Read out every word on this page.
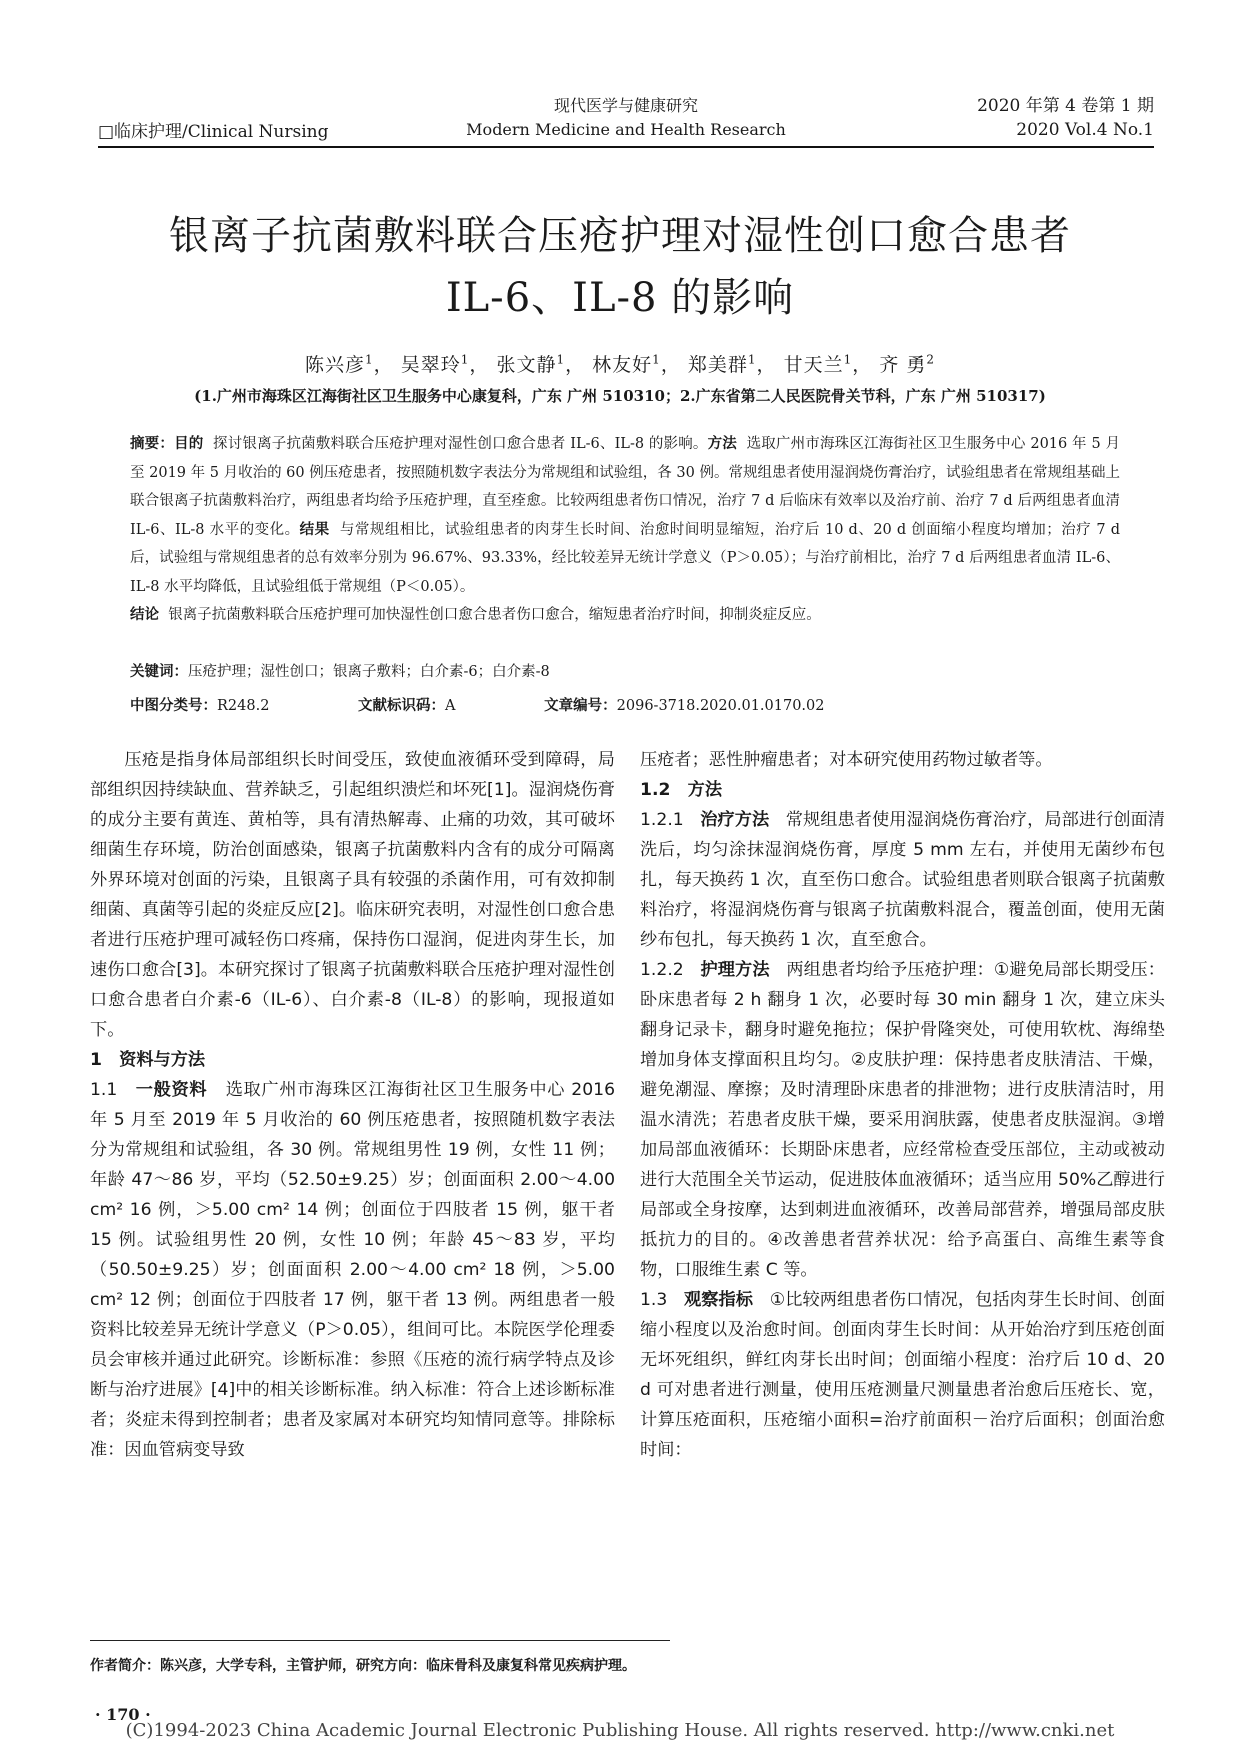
□临床护理/Clinical Nursing
现代医学与健康研究
Modern Medicine and Health Research
2020 年第 4 卷第 1 期
2020 Vol.4 No.1
银离子抗菌敷料联合压疮护理对湿性创口愈合患者
IL-6、IL-8 的影响
陈兴彦$^1$， 吴翠玲$^1$， 张文静$^1$， 林友好$^1$， 郑美群$^1$， 甘天兰$^1$， 齐 勇$^2$
(1.广州市海珠区江海街社区卫生服务中心康复科，广东 广州 510310；2.广东省第二人民医院骨关节科，广东 广州 510317)
摘要：目的 探讨银离子抗菌敷料联合压疮护理对湿性创口愈合患者 IL-6、IL-8 的影响。方法 选取广州市海珠区江海街社区卫生服务中心 2016 年 5 月至 2019 年 5 月收治的 60 例压疮患者，按照随机数字表法分为常规组和试验组，各 30 例。常规组患者使用湿润烧伤膏治疗，试验组患者在常规组基础上联合银离子抗菌敷料治疗，两组患者均给予压疮护理，直至痊愈。比较两组患者伤口情况，治疗 7 d 后临床有效率以及治疗前、治疗 7 d 后两组患者血清 IL-6、IL-8 水平的变化。结果 与常规组相比，试验组患者的肉芽生长时间、治愈时间明显缩短，治疗后 10 d、20 d 创面缩小程度均增加；治疗 7 d 后，试验组与常规组患者的总有效率分别为 96.67%、93.33%，经比较差异无统计学意义（P＞0.05）；与治疗前相比，治疗 7 d 后两组患者血清 IL-6、IL-8 水平均降低，且试验组低于常规组（P＜0.05）。
结论 银离子抗菌敷料联合压疮护理可加快湿性创口愈合患者伤口愈合，缩短患者治疗时间，抑制炎症反应。
关键词：压疮护理；湿性创口；银离子敷料；白介素-6；白介素-8
中图分类号：R248.2	文献标识码：A	文章编号：2096-3718.2020.01.0170.02

压疮是指身体局部组织长时间受压，致使血液循环受到障碍，局部组织因持续缺血、营养缺乏，引起组织溃烂和坏死[1]。湿润烧伤膏的成分主要有黄连、黄柏等，具有清热解毒、止痛的功效，其可破坏细菌生存环境，防治创面感染，银离子抗菌敷料内含有的成分可隔离外界环境对创面的污染，且银离子具有较强的杀菌作用，可有效抑制细菌、真菌等引起的炎症反应[2]。临床研究表明，对湿性创口愈合患者进行压疮护理可减轻伤口疼痛，保持伤口湿润，促进肉芽生长，加速伤口愈合[3]。本研究探讨了银离子抗菌敷料联合压疮护理对湿性创口愈合患者白介素-6（IL-6）、白介素-8（IL-8）的影响，现报道如下。

1　资料与方法

1.1 一般资料 选取广州市海珠区江海街社区卫生服务中心 2016 年 5 月至 2019 年 5 月收治的 60 例压疮患者，按照随机数字表法分为常规组和试验组，各 30 例。常规组男性 19 例，女性 11 例；年龄 47～86 岁，平均（52.50±9.25）岁；创面面积 2.00～4.00 cm² 16 例，＞5.00 cm² 14 例；创面位于四肢者 15 例，躯干者 15 例。试验组男性 20 例，女性 10 例；年龄 45～83 岁，平均（50.50±9.25）岁；创面面积 2.00～4.00 cm² 18 例，＞5.00 cm² 12 例；创面位于四肢者 17 例，躯干者 13 例。两组患者一般资料比较差异无统计学意义（P＞0.05），组间可比。本院医学伦理委员会审核并通过此研究。诊断标准：参照《压疮的流行病学特点及诊断与治疗进展》[4]中的相关诊断标准。纳入标准：符合上述诊断标准者；炎症未得到控制者；患者及家属对本研究均知情同意等。排除标准：因血管病变导致

压疮者；恶性肿瘤患者；对本研究使用药物过敏者等。

1.2　方法

1.2.1 治疗方法 常规组患者使用湿润烧伤膏治疗，局部进行创面清洗后，均匀涂抹湿润烧伤膏，厚度 5 mm 左右，并使用无菌纱布包扎，每天换药 1 次，直至伤口愈合。试验组患者则联合银离子抗菌敷料治疗，将湿润烧伤膏与银离子抗菌敷料混合，覆盖创面，使用无菌纱布包扎，每天换药 1 次，直至愈合。

1.2.2 护理方法 两组患者均给予压疮护理：①避免局部长期受压：卧床患者每 2 h 翻身 1 次，必要时每 30 min 翻身 1 次，建立床头翻身记录卡，翻身时避免拖拉；保护骨隆突处，可使用软枕、海绵垫增加身体支撑面积且均匀。②皮肤护理：保持患者皮肤清洁、干燥，避免潮湿、摩擦；及时清理卧床患者的排泄物；进行皮肤清洁时，用温水清洗；若患者皮肤干燥，要采用润肤露，使患者皮肤湿润。③增加局部血液循环：长期卧床患者，应经常检查受压部位，主动或被动进行大范围全关节运动，促进肢体血液循环；适当应用 50%乙醇进行局部或全身按摩，达到刺进血液循环，改善局部营养，增强局部皮肤抵抗力的目的。④改善患者营养状况：给予高蛋白、高维生素等食物，口服维生素 C 等。

1.3 观察指标 ①比较两组患者伤口情况，包括肉芽生长时间、创面缩小程度以及治愈时间。创面肉芽生长时间：从开始治疗到压疮创面无坏死组织，鲜红肉芽长出时间；创面缩小程度：治疗后 10 d、20 d 可对患者进行测量，使用压疮测量尺测量患者治愈后压疮长、宽，计算压疮面积，压疮缩小面积=治疗前面积－治疗后面积；创面治愈时间：

作者简介：陈兴彦，大学专科，主管护师，研究方向：临床骨科及康复科常见疾病护理。
· 170 ·
(C)1994-2023 China Academic Journal Electronic Publishing House. All rights reserved. http://www.cnki.net
